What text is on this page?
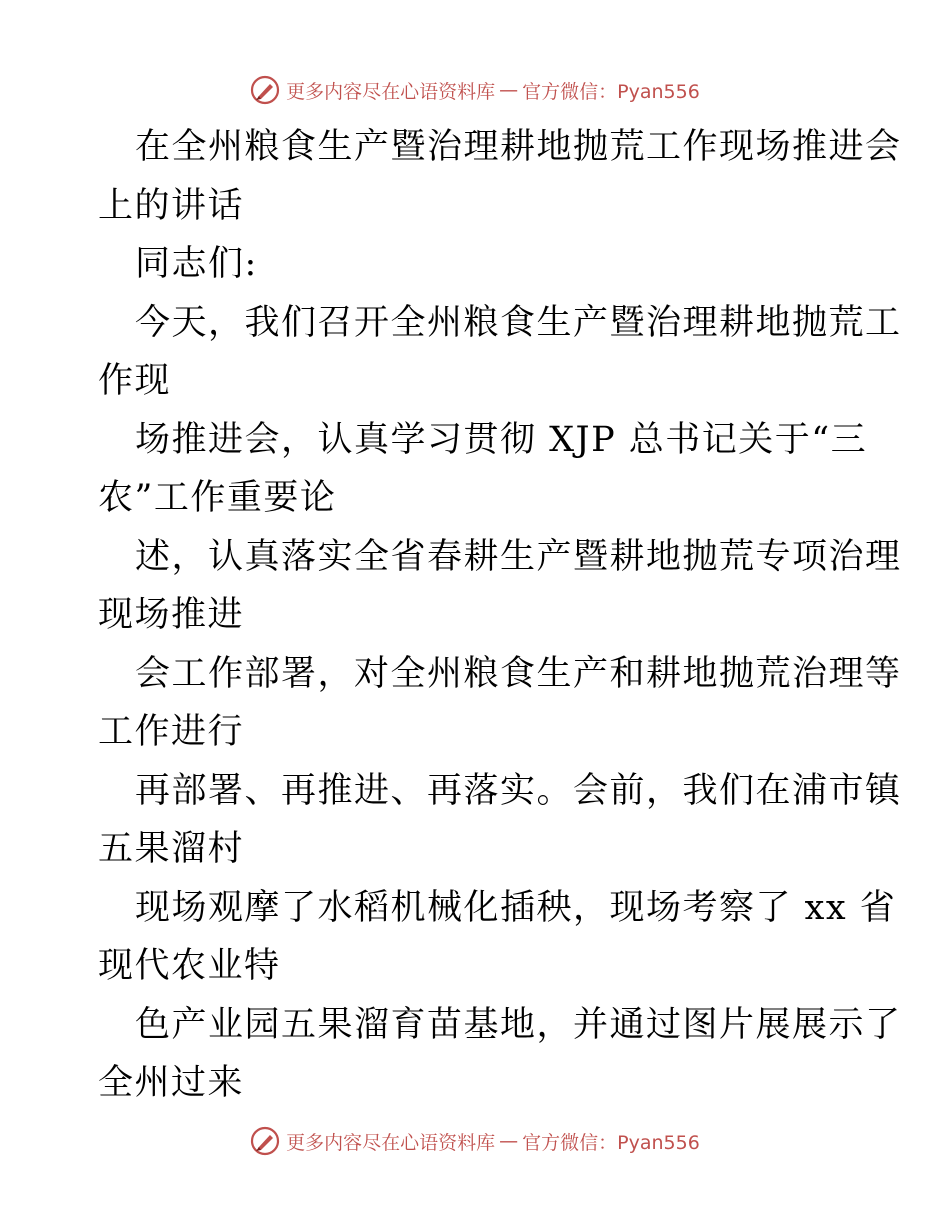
更多内容尽在心语资料库 — 官方微信：Pyan556
在全州粮食生产暨治理耕地抛荒工作现场推进会
上的讲话
同志们:
今天，我们召开全州粮食生产暨治理耕地抛荒工
作现
场推进会，认真学习贯彻 XJP 总书记关于“三
农”工作重要论
述，认真落实全省春耕生产暨耕地抛荒专项治理
现场推进
会工作部署，对全州粮食生产和耕地抛荒治理等
工作进行
再部署、再推进、再落实。会前，我们在浦市镇
五果溜村
现场观摩了水稻机械化插秧，现场考察了 xx 省
现代农业特
色产业园五果溜育苗基地，并通过图片展展示了
全州过来
更多内容尽在心语资料库 — 官方微信：Pyan556
